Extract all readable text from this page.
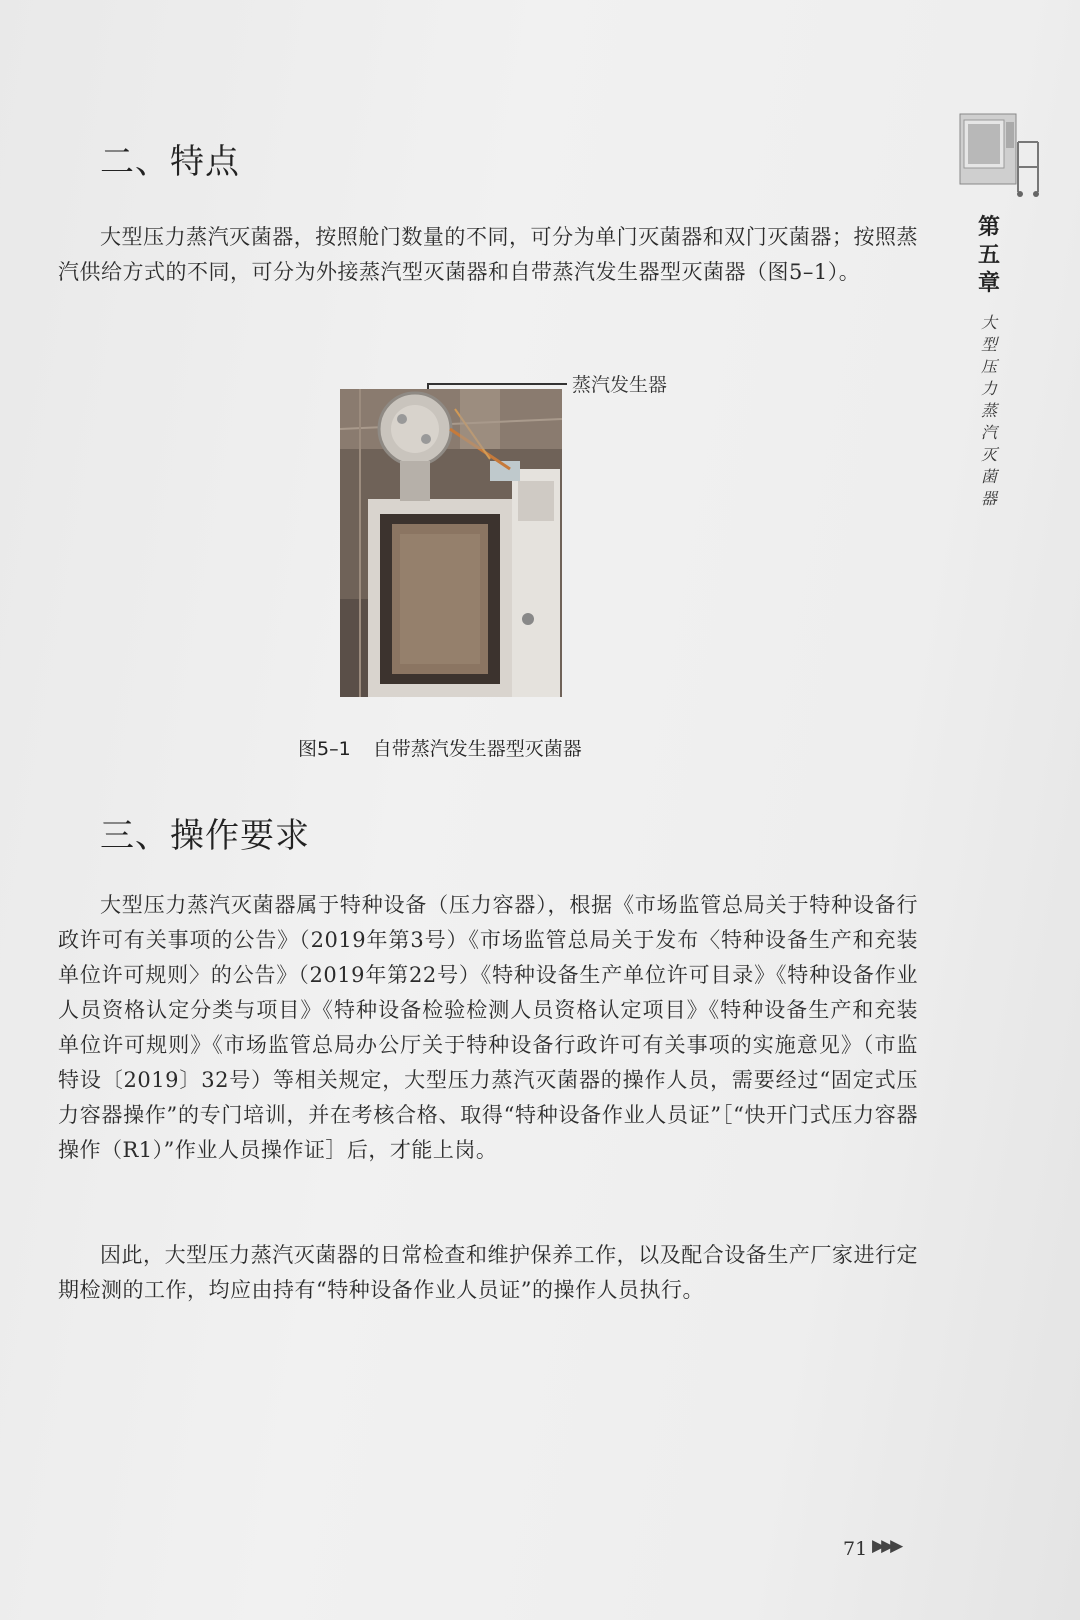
第
五
章
大
型
压
力
蒸
汽
灭
菌
器
二、特点

大型压力蒸汽灭菌器，按照舱门数量的不同，可分为单门灭菌器和双门灭菌器；按照蒸汽供给方式的不同，可分为外接蒸汽型灭菌器和自带蒸汽发生器型灭菌器（图5–1）。

蒸汽发生器
图5–1 自带蒸汽发生器型灭菌器
三、操作要求

大型压力蒸汽灭菌器属于特种设备（压力容器），根据《市场监管总局关于特种设备行政许可有关事项的公告》（2019年第3号）《市场监管总局关于发布〈特种设备生产和充装单位许可规则〉的公告》（2019年第22号）《特种设备生产单位许可目录》《特种设备作业人员资格认定分类与项目》《特种设备检验检测人员资格认定项目》《特种设备生产和充装单位许可规则》《市场监管总局办公厅关于特种设备行政许可有关事项的实施意见》（市监特设〔2019〕32号）等相关规定，大型压力蒸汽灭菌器的操作人员，需要经过“固定式压力容器操作”的专门培训，并在考核合格、取得“特种设备作业人员证”［“快开门式压力容器操作（R1）”作业人员操作证］后，才能上岗。

因此，大型压力蒸汽灭菌器的日常检查和维护保养工作，以及配合设备生产厂家进行定期检测的工作，均应由持有“特种设备作业人员证”的操作人员执行。

71 ▶▶▶
